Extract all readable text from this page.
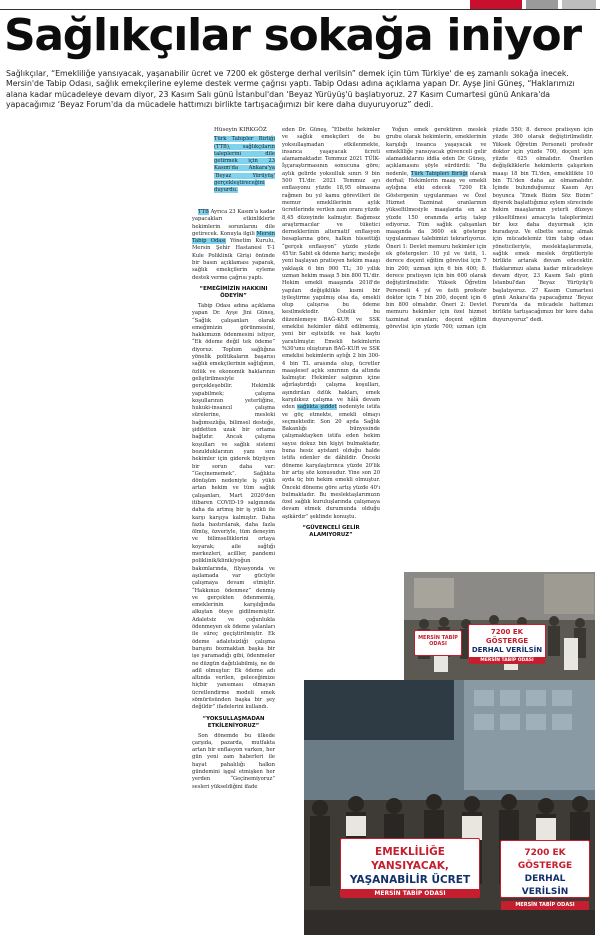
Sağlıkçılar sokağa iniyor

Sağlıkçılar, “Emekliliğe yansıyacak, yaşanabilir ücret ve 7200 ek gösterge derhal verilsin” demek için tüm Türkiye' de eş zamanlı sokağa inecek. Mersin'de Tabip Odası, sağlık emekçilerine eyleme destek verme çağrısı yaptı. Tabip Odası adına açıklama yapan Dr. Ayşe Jini Güneş, “Haklarımızı alana kadar mücadeleye devam diyor, 23 Kasım Salı günü İstanbul'dan ‘Beyaz Yürüyüş'ü başlatıyoruz. 27 Kasım Cumartesi günü Ankara'da yapacağımız ‘Beyaz Forum'da da mücadele hattımızı birlikte tartışacağımızı bir kere daha duyuruyoruz” dedi.

Hüseyin KIRKGÖZ

Türk Tabipler Birliği (TTB), sağlıkçıların taleplerini dile getirmek için 23 Kasım'da Ankara'ya ‘Beyaz Yürüyüş' gerçekleştireceğini duyurdu.

TTB Ayrıca 23 Kasım'a kadar yapacakları etkinliklerle hekimlerin sorunlarını dile getirecek. Konuyla ilgili Mersin Tabip Odası Yönetim Kurulu, Mersin Şehir Hastanesi T-1 Kule Poliklinik Girişi önünde bir basın açıklaması yaparak, sağlık emekçilerin eyleme destek verme çağrısı yaptı.

“EMEĞİMİZİN HAKKINI ÖDEYİN”

Tabip Odası adına açıklama yapan Dr. Ayşe Jini Güneş, “Sağlık çalışanları olarak emeğimizin görünmesini, hakkımızın ödenmesini istiyor, “Ek ödeme değil tek ödeme” diyoruz. Toplum sağlığına yönelik politikaların başarısı sağlık emekçilerinin sağlığının, özlük ve ekonomik haklarının geliştirilmesiyle gerçekleşebilir. Hekimlik yapabilmek; çalışma koşullarının yeterliğine, hukuki-insancıl çalışma sürelerine, mesleki bağımsızlığa, bilimsel desteğe, şiddetten uzak bir ortama bağlıdır. Ancak çalışma koşulları ve sağlık sistemi bozulduklarının yanı sıra hekimler için giderek büyüyen bir sorun daha var: “Geçinememek”. Sağlıkta dönüşüm nedeniyle iş yükü artan hekim ve tüm sağlık çalışanları, Mart 2020'den itibaren COVID-19 salgınında daha da artmış bir iş yükü ile karşı karşıya kalmıştır. Daha fazla bastırılarak, daha fazla ölmüş, özveriyle, tüm deneyim ve bilimselliklerini ortaya koyarak; aile sağlığı merkezleri, acilller, pandemi poliklinik/klinik/yoğun bakımlarında, filyasyonda ve aşılamada var gücüyle çalışmaya devam etmiştir. “Hakkınızı ödenmez” denmiş ve gerçekten ödenmemiş, emeklerinin karşılığında alkıştan öteye gidilmemiştir. Adaletsiz ve çoğunlukla ödenmeyen ek ödeme yalanları ile süreç geçiştirilmiştir. Ek ödeme adaletsizliği çalışma barışını bozmaktan başka bir işe yaramadığı gibi, ödenmeler ne düzgün dağıtılabilmiş, ne de adil olmuştur. Ek ödeme adı altında verilen, geleceğimize hiçbir yansıması olmayan ücretlendirme modeli emek sömürüsünden başka bir şey değildir” ifadelerini kullandı.

“YOKSULLAŞMADAN ETKİLENİYORUZ”

Son dönemde bu ülkede çarşıda, pazarda, mutfakta artan bir enflasyon varken, her gün yeni zam haberleri ile hayat pahalılığı halkın gündemini işgal etmişken her yerden “Geçinemiyoruz” sesleri yükseldiğini ifade

eden Dr. Güneş, “Elbette hekimler ve sağlık emekçileri de bu yoksullaşmadan etkilenmekte, insanca yaşayacak ücreti alamamaktadır. Temmuz 2021 TÜİK-İşçaraştırmasının sonucuna göre; aylık gelirde yoksulluk sınırı 9 bin 500 TL'dir. 2021 Temmuz ayı enflasyonu yüzde 18,95 olmasına rağmen bu yıl kamu görevlileri ile memur emeklilerinin aylık ücretlerinde verilen zam oranı yüzde 8,45 düzeyinde kalmıştır. Bağımsız araştırmacılar ve tüketici dernekleriinin alternatif enflasyon hesaplarına göre, halkın hissettiği “gerçek enflasyon” yüzde yüzde 45'tir. Sabit ek ödeme hariç; mesleğe yeni başlayan pratisyen hekim maaşı yaklaşık 6 bin 900 TL; 30 yıllık uzman hekim maaşı 5 bin 800 TL'dir. Hekim emekli maaşında 2018'de yapılan değişiklikle kısmi bir iyileştirme yapılmış olsa da, emekli olup çalışırsa bu ödeme kesilmektedir. Üstelik bu düzenlemeye BAĞ-KUR ve SSK emeklisi hekimler dâhil edilmemiş, yeni bir eşitsizlik ve hak kaybı yaratılmıştır. Emekli hekimlerin %30'unu oluşturan BAĞ-KUR ve SSK emeklisi hekimlerin aylığı 2 bin 300- 4 bin TL arasında olup, ücretler maaşlesef açlık sınırının da altında kalmıştır. Hekimler salgının içine ağırlaştırdığı çalışma koşulları, aşındırılan özlük hakları, emek karşılıksız çalışma ve hâlâ devam eden sağlıkta şiddet nedeniyle istifa ve göç etmekte, emekli olmayı seçmektedir. Son 20 ayda Sağlık Bakanlığı bünyesinde çalışmaktayken istifa eden hekim sayısı dokuz bin kişiyi bulmaktadır, buna hesiz ayistant olduğu halde istifa edenler de dâhildir. Önceki döneme karşılaştırınca yüzde 20'lik bir artış söz konusudur. Yine son 20 ayda üç bin hekim emekli olmuştur. Önceki döneme göre artış yüzde 40'ı bulmaktadır. Bu meslektaşlarımızın özel sağlık kuruluşlarında çalışmaya devam etmek durumunda olduğu aşikârdır” şeklinde konuştu.

“GÜVENCELİ GELİR ALAMIYORUZ”

Yoğun emek gerektiren meslek grubu olarak hekimlerin, emeklerinin karşılığı insanca yaşayacak ve emekliliğe yansıyacak güvenceli gelir alamadıklarını iddia eden Dr. Güneş, açıklamasını şöyle sürdürdü: “Bu nedenle, Türk Tabipleri Birliği olarak derhal; Hekimlerin maaş ve emekli aylığına etki edecek 7200 Ek Göstergenin uygulanması ve Özel Hizmet Tazminat oranlarının yükseltilmesiyle maaşlarda en az yüzde 150 oranında artış talep ediyoruz. Tüm sağlık çalışanları maaşında da 3600 ek gösterge uygulanması talebimizi tekrarlıyoruz. Öneri 1: Devlet memuru hekimler için ek göstergeler: 10 yıl ve üstü, 1. derece doçent eğitim görevlisi için 7 bin 200; uzman için 6 bin 400; 8. derece pratisyen için bin 600 olarak değiştirilmelidir. Yüksek Öğretim Personeli 4 yıl ve üstü profesör doktor için 7 bin 200, doçent için 6 bin 800 olmalıdır. Öneri 2: Devlet memuru hekimler için özel hizmet tazminat oranları; doçent eğitim görevlisi için yüzde 700; uzman için yüzde 550; 8. derece pratisyen için yüzde 360 olarak değiştirilmelidir. Yüksek Öğretim Personeli profesör doktor için yüzde 700, doçent için yüzde 625 olmalıdır. Önerilen değişikliklerle hekimlerin çalışırken maaşı 18 bin TL'den, emeklilikte 10 bin TL'den daha az olmamalıdır. İçinde bulunduğumuz Kasım Ayı boyunca “Emek Bizim Söz Bizim” diyerek başlattığımız eylem sürecinde hekim maaşlarının yeterli düzeye yükseltilmesi amacıyla taleplerimizi bir kez daha duyurmak için buradayız. Ve elbette sonuç almak için mücadelemiz tüm tabip odası yöneticileriyle, meslektaşlarımızla, sağlık emek meslek örgütleriyle birlikte artarak devam edecektir. Haklarımızı alana kadar mücadeleye devam diyor, 23 Kasım Salı günü İstanbul'dan ‘Beyaz Yürüyüş'ü başlatıyoruz. 27 Kasım Cumartesi günü Ankara'da yapacağımız ‘Beyaz Forum'da da mücadele hattımızı birlikte tartışacağımızı bir kere daha duyuruyoruz” dedi.

MERSİN TABİP ODASI
7200 EK GÖSTERGE
DERHAL VERİLSİN
MERSİN TABİP ODASI
EMEKLİLİĞE YANSIYACAK,
YAŞANABİLİR ÜCRET
MERSİN TABİP ODASI
7200 EK GÖSTERGE
DERHAL VERİLSİN
MERSİN TABİP ODASI
